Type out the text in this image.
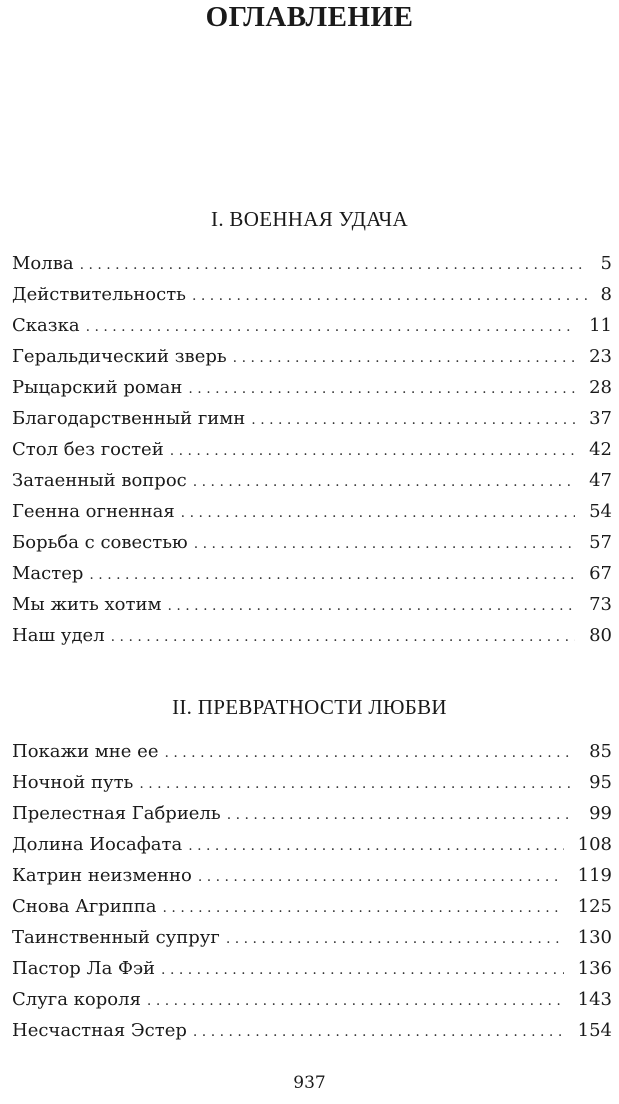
ОГЛАВЛЕНИЕ
I. ВОЕННАЯ УДАЧА
Молва . . .	5
Действительность . . .	8
Сказка . . .	11
Геральдический зверь . . .	23
Рыцарский роман . . .	28
Благодарственный гимн . . .	37
Стол без гостей . . .	42
Затаенный вопрос . . .	47
Геенна огненная . . .	54
Борьба с совестью . . .	57
Мастер . . .	67
Мы жить хотим . . .	73
Наш удел . . .	80
II. ПРЕВРАТНОСТИ ЛЮБВИ
Покажи мне ее . . .	85
Ночной путь . . .	95
Прелестная Габриель . . .	99
Долина Иосафата . . .	108
Катрин неизменно . . .	119
Снова Агриппа . . .	125
Таинственный супруг . . .	130
Пастор Ла Фэй . . .	136
Слуга короля . . .	143
Несчастная Эстер . . .	154
937
